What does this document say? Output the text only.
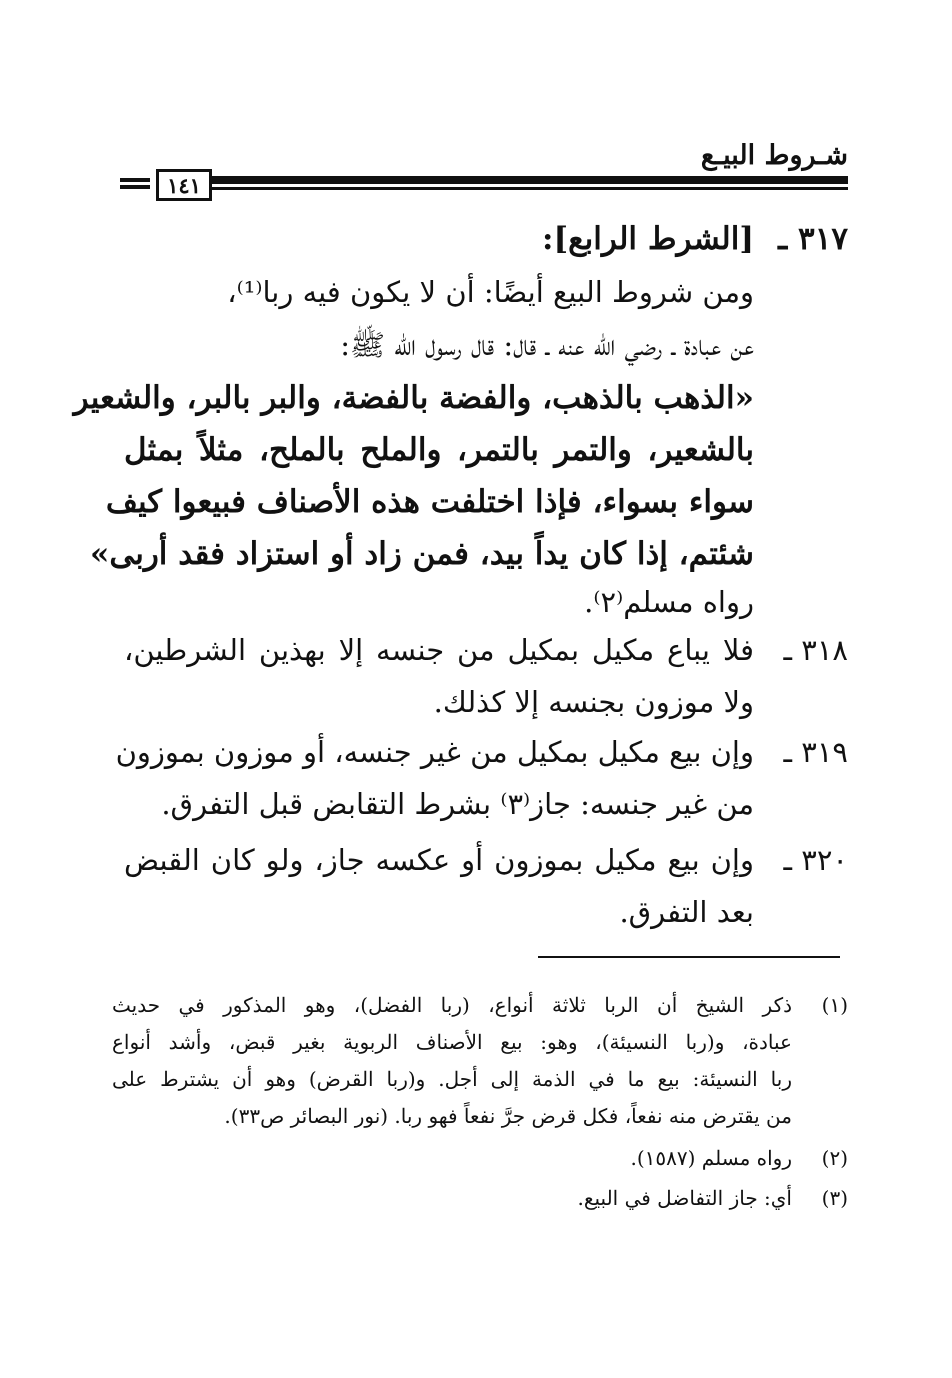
شـروط البيـع
١٤١
٣١٧ ـ
[الشرط الرابع]:
ومن شروط البيع أيضًا: أن لا يكون فيه ربا⁽¹⁾،
عن عبادة ـ رضي الله عنه ـ قال: قال رسول الله ﷺ:
«الذهب بالذهب، والفضة بالفضة، والبر بالبر، والشعير
بالشعير، والتمر بالتمر، والملح بالملح، مثلاً بمثل
سواء بسواء، فإذا اختلفت هذه الأصناف فبيعوا كيف
شئتم، إذا كان يداً بيد، فمن زاد أو استزاد فقد أربى»
رواه مسلم⁽٢⁾.
٣١٨ ـ
فلا يباع مكيل بمكيل من جنسه إلا بهذين الشرطين،
ولا موزون بجنسه إلا كذلك.
٣١٩ ـ
وإن بيع مكيل بمكيل من غير جنسه، أو موزون بموزون
من غير جنسه: جاز⁽٣⁾ بشرط التقابض قبل التفرق.
٣٢٠ ـ
وإن بيع مكيل بموزون أو عكسه جاز، ولو كان القبض
بعد التفرق.
(١)
ذكر الشيخ أن الربا ثلاثة أنواع، (ربا الفضل)، وهو المذكور في حديث
عبادة، و(ربا النسيئة)، وهو: بيع الأصناف الربوية بغير قبض، وأشد أنواع
ربا النسيئة: بيع ما في الذمة إلى أجل. و(ربا القرض) وهو أن يشترط على
من يقترض منه نفعاً، فكل قرض جرَّ نفعاً فهو ربا. (نور البصائر ص٣٣).
(٢)
رواه مسلم (١٥٨٧).
(٣)
أي: جاز التفاضل في البيع.
